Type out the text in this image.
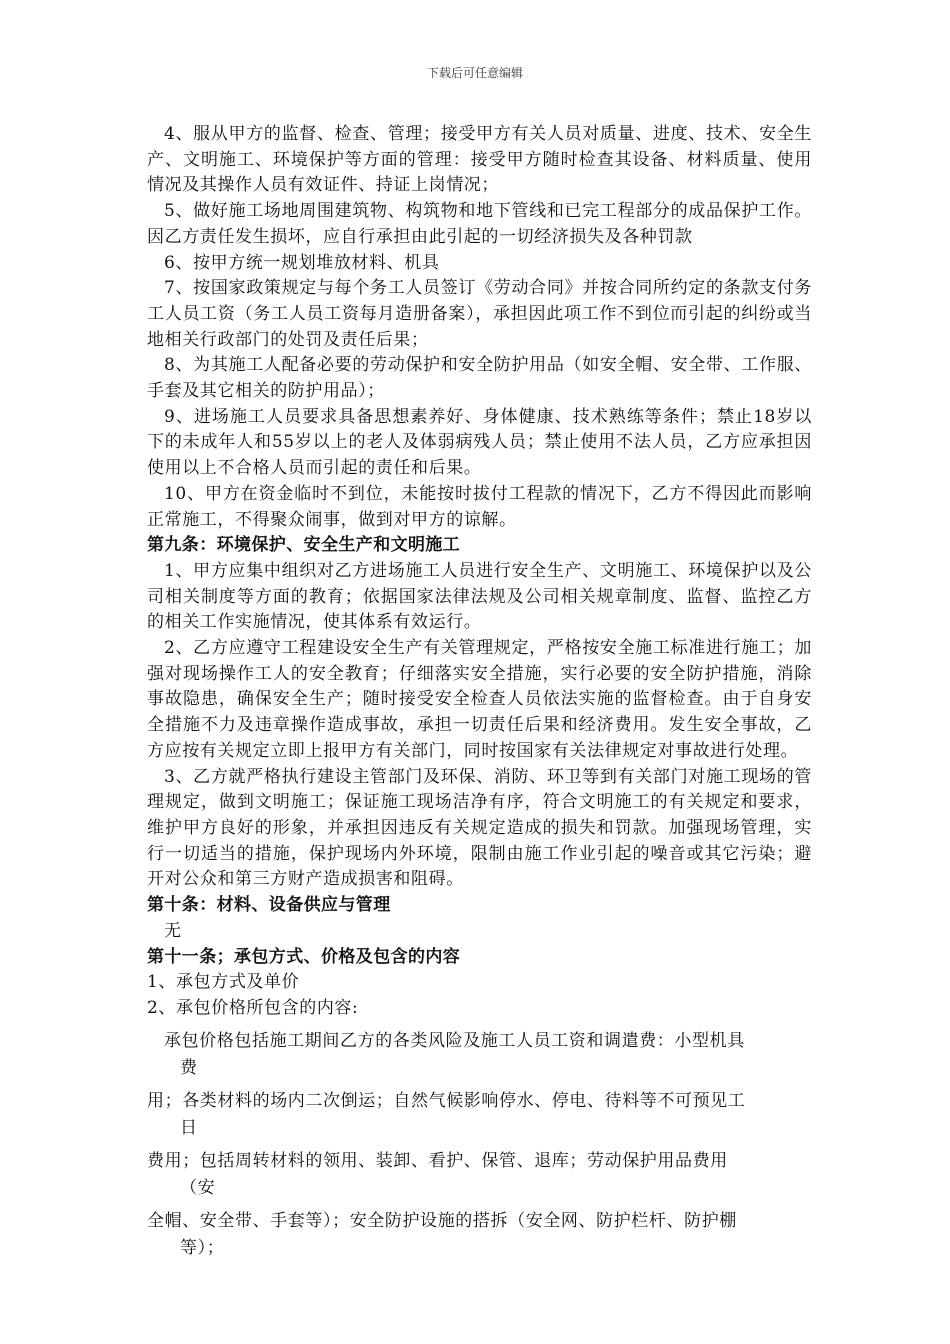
下载后可任意编辑

4、服从甲方的监督、检查、管理；接受甲方有关人员对质量、进度、技术、安全生产、文明施工、环境保护等方面的管理：接受甲方随时检查其设备、材料质量、使用情况及其操作人员有效证件、持证上岗情况；

5、做好施工场地周围建筑物、构筑物和地下管线和已完工程部分的成品保护工作。因乙方责任发生损坏，应自行承担由此引起的一切经济损失及各种罚款

6、按甲方统一规划堆放材料、机具

7、按国家政策规定与每个务工人员签订《劳动合同》并按合同所约定的条款支付务工人员工资（务工人员工资每月造册备案），承担因此项工作不到位而引起的纠纷或当地相关行政部门的处罚及责任后果；

8、为其施工人配备必要的劳动保护和安全防护用品（如安全帽、安全带、工作服、手套及其它相关的防护用品）；

9、进场施工人员要求具备思想素养好、身体健康、技术熟练等条件；禁止18岁以下的未成年人和55岁以上的老人及体弱病残人员；禁止使用不法人员，乙方应承担因使用以上不合格人员而引起的责任和后果。

10、甲方在资金临时不到位，未能按时拔付工程款的情况下，乙方不得因此而影响正常施工，不得聚众闹事，做到对甲方的谅解。

第九条：环境保护、安全生产和文明施工

1、甲方应集中组织对乙方进场施工人员进行安全生产、文明施工、环境保护以及公司相关制度等方面的教育；依据国家法律法规及公司相关规章制度、监督、监控乙方的相关工作实施情况，使其体系有效运行。

2、乙方应遵守工程建设安全生产有关管理规定，严格按安全施工标准进行施工；加强对现场操作工人的安全教育；仔细落实安全措施，实行必要的安全防护措施，消除事故隐患，确保安全生产；随时接受安全检查人员依法实施的监督检查。由于自身安全措施不力及违章操作造成事故，承担一切责任后果和经济费用。发生安全事故，乙方应按有关规定立即上报甲方有关部门，同时按国家有关法律规定对事故进行处理。

3、乙方就严格执行建设主管部门及环保、消防、环卫等到有关部门对施工现场的管理规定，做到文明施工；保证施工现场洁净有序，符合文明施工的有关规定和要求，维护甲方良好的形象，并承担因违反有关规定造成的损失和罚款。加强现场管理，实行一切适当的措施，保护现场内外环境，限制由施工作业引起的噪音或其它污染；避开对公众和第三方财产造成损害和阻碍。

第十条：材料、设备供应与管理

无

第十一条；承包方式、价格及包含的内容

1、承包方式及单价

2、承包价格所包含的内容:

承包价格包括施工期间乙方的各类风险及施工人员工资和调遣费：小型机具
费
用；各类材料的场内二次倒运；自然气候影响停水、停电、待料等不可预见工
日
费用；包括周转材料的领用、装卸、看护、保管、退库；劳动保护用品费用
（安
全帽、安全带、手套等）；安全防护设施的搭拆（安全网、防护栏杆、防护棚
等）；
